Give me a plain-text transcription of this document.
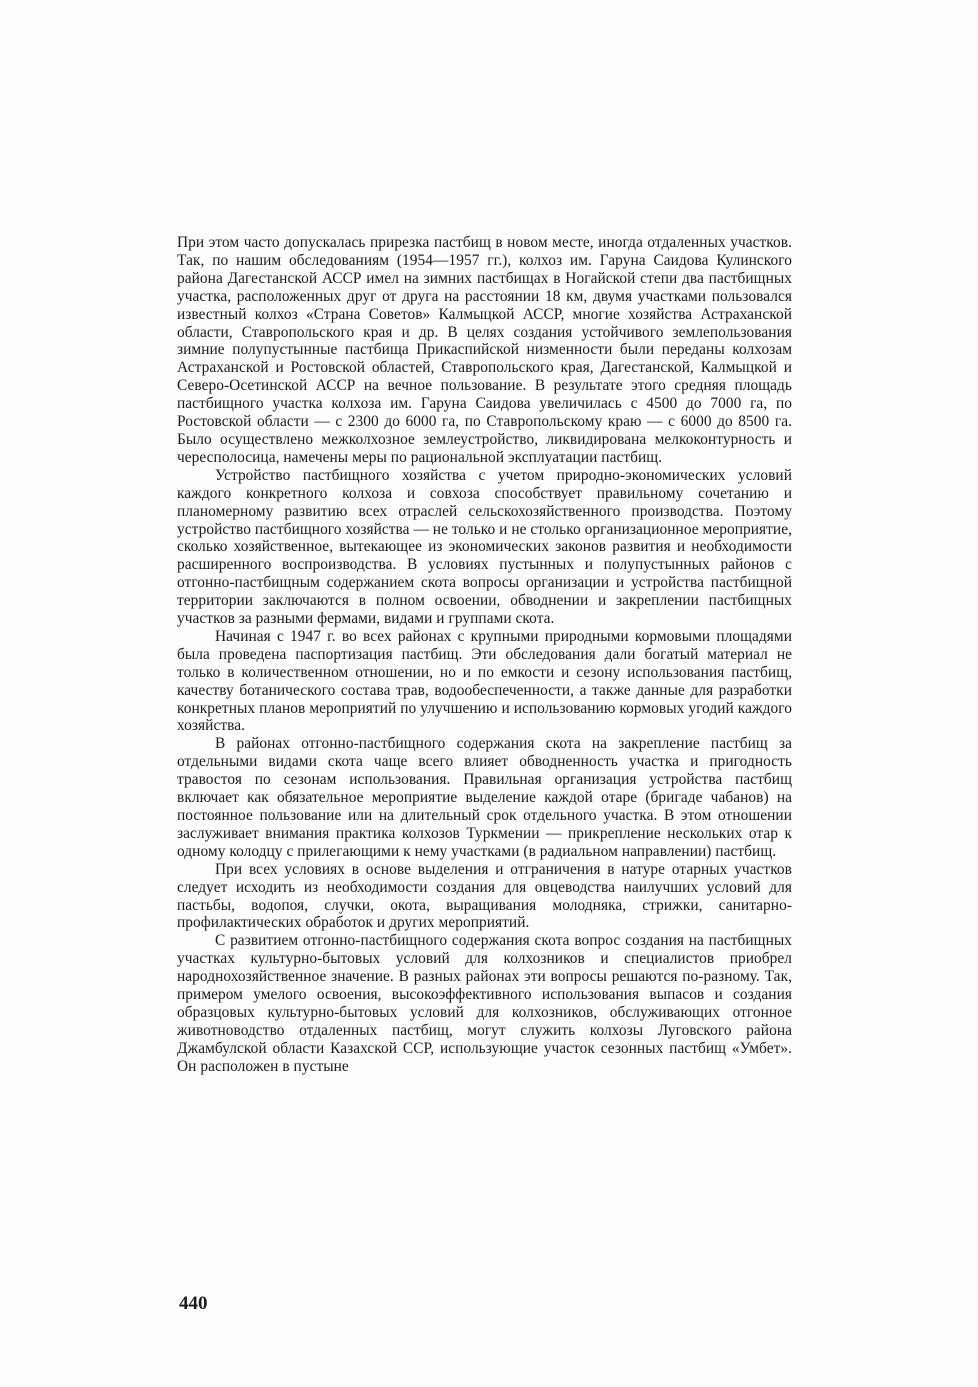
При этом часто допускалась прирезка пастбищ в новом месте, иногда отдаленных участков. Так, по нашим обследованиям (1954—1957 гг.), колхоз им. Гаруна Саидова Кулинского района Дагестанской АССР имел на зимних пастбищах в Ногайской степи два пастбищных участка, расположенных друг от друга на расстоянии 18 км, двумя участками пользовался известный колхоз «Страна Советов» Калмыцкой АССР, многие хозяйства Астраханской области, Ставропольского края и др. В целях создания устойчивого землепользования зимние полупустынные пастбища Прикаспийской низменности были переданы колхозам Астраханской и Ростовской областей, Ставропольского края, Дагестанской, Калмыцкой и Северо-Осетинской АССР на вечное пользование. В результате этого средняя площадь пастбищного участка колхоза им. Гаруна Саидова увеличилась с 4500 до 7000 га, по Ростовской области — с 2300 до 6000 га, по Ставропольскому краю — с 6000 до 8500 га. Было осуществлено межколхозное землеустройство, ликвидирована мелкоконтурность и чересполосица, намечены меры по рациональной эксплуатации пастбищ.

Устройство пастбищного хозяйства с учетом природно-экономических условий каждого конкретного колхоза и совхоза способствует правильному сочетанию и планомерному развитию всех отраслей сельскохозяйственного производства. Поэтому устройство пастбищного хозяйства — не только и не столько организационное мероприятие, сколько хозяйственное, вытекающее из экономических законов развития и необходимости расширенного воспроизводства. В условиях пустынных и полупустынных районов с отгонно-пастбищным содержанием скота вопросы организации и устройства пастбищной территории заключаются в полном освоении, обводнении и закреплении пастбищных участков за разными фермами, видами и группами скота.

Начиная с 1947 г. во всех районах с крупными природными кормовыми площадями была проведена паспортизация пастбищ. Эти обследования дали богатый материал не только в количественном отношении, но и по емкости и сезону использования пастбищ, качеству ботанического состава трав, водообеспеченности, а также данные для разработки конкретных планов мероприятий по улучшению и использованию кормовых угодий каждого хозяйства.

В районах отгонно-пастбищного содержания скота на закрепление пастбищ за отдельными видами скота чаще всего влияет обводненность участка и пригодность травостоя по сезонам использования. Правильная организация устройства пастбищ включает как обязательное мероприятие выделение каждой отаре (бригаде чабанов) на постоянное пользование или на длительный срок отдельного участка. В этом отношении заслуживает внимания практика колхозов Туркмении — прикрепление нескольких отар к одному колодцу с прилегающими к нему участками (в радиальном направлении) пастбищ.

При всех условиях в основе выделения и отграничения в натуре отарных участков следует исходить из необходимости создания для овцеводства наилучших условий для пастьбы, водопоя, случки, окота, выращивания молодняка, стрижки, санитарно-профилактических обработок и других мероприятий.

С развитием отгонно-пастбищного содержания скота вопрос создания на пастбищных участках культурно-бытовых условий для колхозников и специалистов приобрел народнохозяйственное значение. В разных районах эти вопросы решаются по-разному. Так, примером умелого освоения, высокоэффективного использования выпасов и создания образцовых культурно-бытовых условий для колхозников, обслуживающих отгонное животноводство отдаленных пастбищ, могут служить колхозы Луговского района Джамбулской области Казахской ССР, использующие участок сезонных пастбищ «Умбет». Он расположен в пустыне

440
